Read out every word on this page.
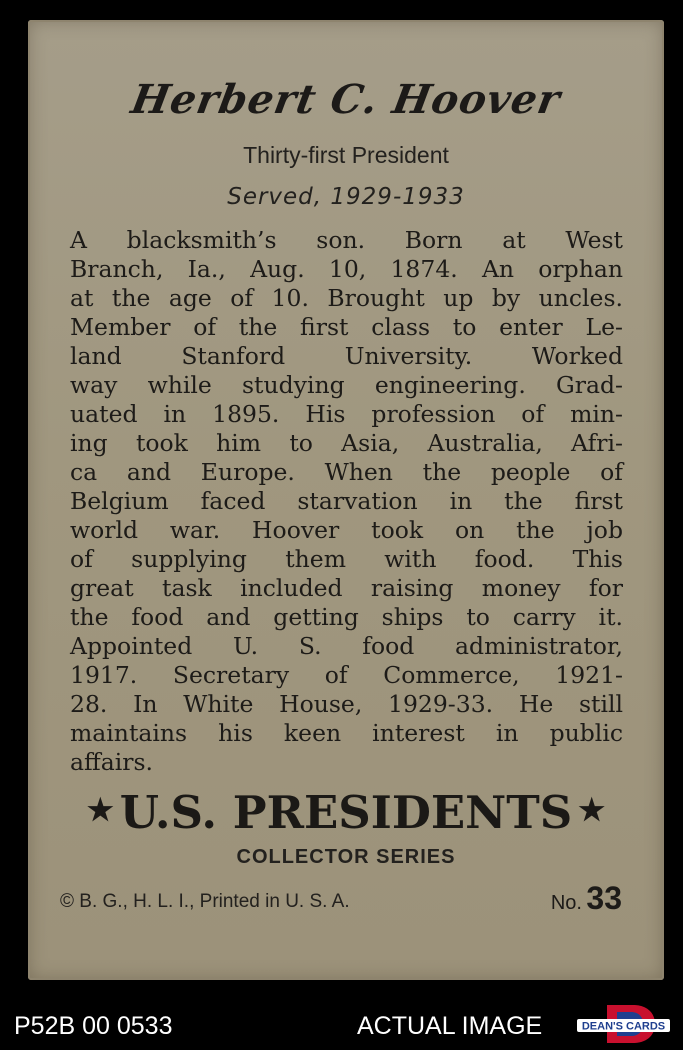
Herbert C. Hoover
Thirty-first President
Served, 1929-1933
A blacksmith’s son. Born at West
Branch, Ia., Aug. 10, 1874. An orphan
at the age of 10. Brought up by uncles.
Member of the first class to enter Le-
land Stanford University. Worked
way while studying engineering. Grad-
uated in 1895. His profession of min-
ing took him to Asia, Australia, Afri-
ca and Europe. When the people of
Belgium faced starvation in the first
world war. Hoover took on the job
of supplying them with food. This
great task included raising money for
the food and getting ships to carry it.
Appointed U. S. food administrator,
1917. Secretary of Commerce, 1921-
28. In White House, 1929-33. He still
maintains his keen interest in public
affairs.
★ U.S. PRESIDENTS ★
COLLECTOR SERIES
© B. G., H. L. I., Printed in U. S. A.	No. 33
P52B 00 0533	ACTUAL IMAGE	DEAN'S CARDS
